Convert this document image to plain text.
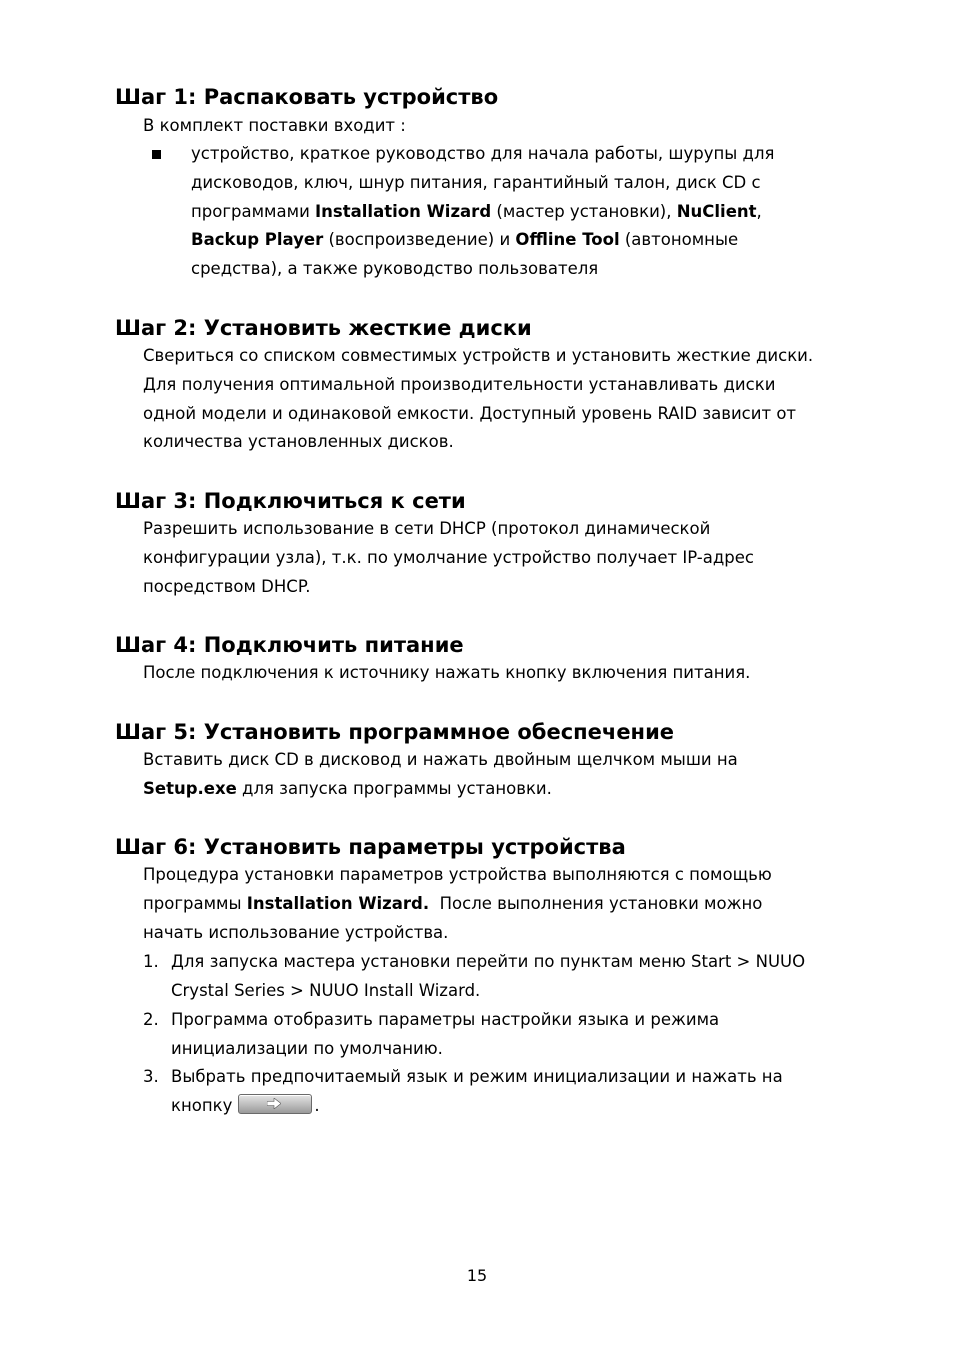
Шаг 1: Распаковать устройство

В комплект поставки входит :

устройство, краткое руководство для начала работы, шурупы для
дисководов, ключ, шнур питания, гарантийный талон, диск CD с
программами Installation Wizard (мастер установки), NuClient,
Backup Player (воспроизведение) и Offline Tool (автономные
средства), а также руководство пользователя
Шаг 2: Установить жесткие диски
Свериться со списком совместимых устройств и установить жесткие диски.
Для получения оптимальной производительности устанавливать диски
одной модели и одинаковой емкости. Доступный уровень RAID зависит от
количества установленных дисков.
Шаг 3: Подключиться к сети
Разрешить использование в сети DHCP (протокол динамической
конфигурации узла), т.к. по умолчание устройство получает IP-адрес
посредством DHCP.
Шаг 4: Подключить питание
После подключения к источнику нажать кнопку включения питания.
Шаг 5: Установить программное обеспечение
Вставить диск CD в дисковод и нажать двойным щелчком мыши на
Setup.exe для запуска программы установки.
Шаг 6: Установить параметры устройства
Процедура установки параметров устройства выполняются с помощью
программы Installation Wizard.  После выполнения установки можно
начать использование устройства.
1. Для запуска мастера установки перейти по пунктам меню Start > NUUO
Crystal Series > NUUO Install Wizard.
2. Программа отобразить параметры настройки языка и режима
инициализации по умолчанию.
3. Выбрать предпочитаемый язык и режим инициализации и нажать на
кнопку	.
15
